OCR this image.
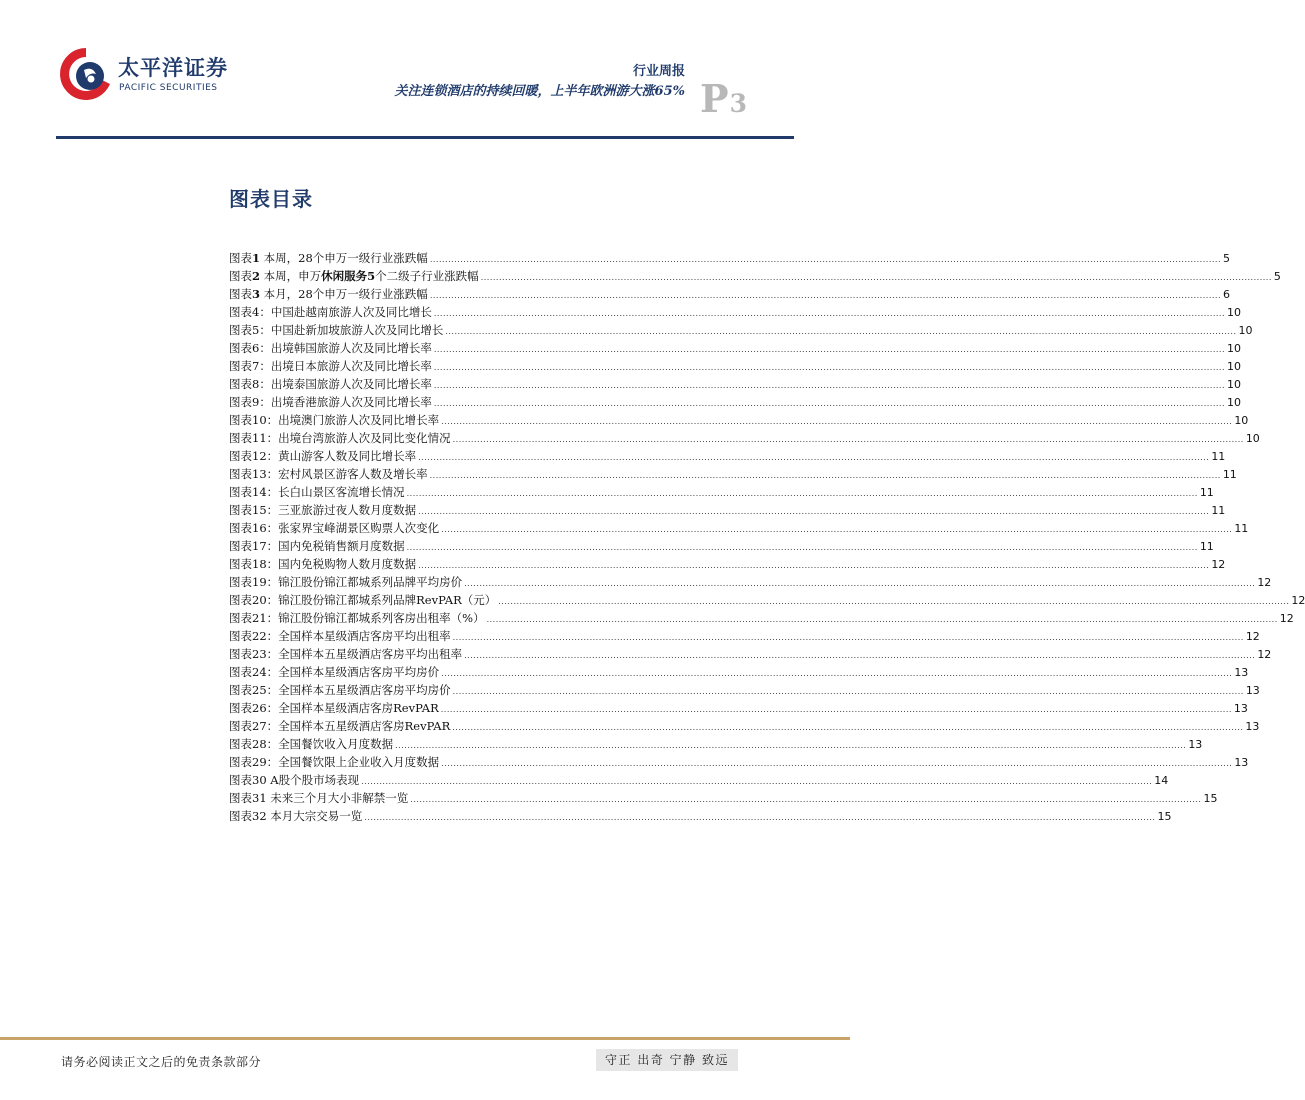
太平洋证券
PACIFIC SECURITIES
行业周报
关注连锁酒店的持续回暖，上半年欧洲游大涨65% P3
图表目录
图表1 本周，28个申万一级行业涨跌幅 .................................................................................................................................................................................................................................................................... 5
图表2 本周，申万休闲服务5个二级子行业涨跌幅 .................................................................................................................................................................................................................................................................... 5
图表3 本月，28个申万一级行业涨跌幅 .................................................................................................................................................................................................................................................................... 6
图表4：中国赴越南旅游人次及同比增长 .................................................................................................................................................................................................................................................................... 10
图表5：中国赴新加坡旅游人次及同比增长 .................................................................................................................................................................................................................................................................... 10
图表6：出境韩国旅游人次及同比增长率 .................................................................................................................................................................................................................................................................... 10
图表7：出境日本旅游人次及同比增长率 .................................................................................................................................................................................................................................................................... 10
图表8：出境泰国旅游人次及同比增长率 .................................................................................................................................................................................................................................................................... 10
图表9：出境香港旅游人次及同比增长率 .................................................................................................................................................................................................................................................................... 10
图表10：出境澳门旅游人次及同比增长率 .................................................................................................................................................................................................................................................................... 10
图表11：出境台湾旅游人次及同比变化情况 .................................................................................................................................................................................................................................................................... 10
图表12：黄山游客人数及同比增长率 .................................................................................................................................................................................................................................................................... 11
图表13：宏村风景区游客人数及增长率 .................................................................................................................................................................................................................................................................... 11
图表14：长白山景区客流增长情况 .................................................................................................................................................................................................................................................................... 11
图表15：三亚旅游过夜人数月度数据 .................................................................................................................................................................................................................................................................... 11
图表16：张家界宝峰湖景区购票人次变化 .................................................................................................................................................................................................................................................................... 11
图表17：国内免税销售额月度数据 .................................................................................................................................................................................................................................................................... 11
图表18：国内免税购物人数月度数据 .................................................................................................................................................................................................................................................................... 12
图表19：锦江股份锦江都城系列品牌平均房价 .................................................................................................................................................................................................................................................................... 12
图表20：锦江股份锦江都城系列品牌RevPAR（元） .................................................................................................................................................................................................................................................................... 12
图表21：锦江股份锦江都城系列客房出租率（%） .................................................................................................................................................................................................................................................................... 12
图表22：全国样本星级酒店客房平均出租率 .................................................................................................................................................................................................................................................................... 12
图表23：全国样本五星级酒店客房平均出租率 .................................................................................................................................................................................................................................................................... 12
图表24：全国样本星级酒店客房平均房价 .................................................................................................................................................................................................................................................................... 13
图表25：全国样本五星级酒店客房平均房价 .................................................................................................................................................................................................................................................................... 13
图表26：全国样本星级酒店客房RevPAR .................................................................................................................................................................................................................................................................... 13
图表27：全国样本五星级酒店客房RevPAR .................................................................................................................................................................................................................................................................... 13
图表28：全国餐饮收入月度数据 .................................................................................................................................................................................................................................................................... 13
图表29：全国餐饮限上企业收入月度数据 .................................................................................................................................................................................................................................................................... 13
图表30 A股个股市场表现 .................................................................................................................................................................................................................................................................... 14
图表31 未来三个月大小非解禁一览 .................................................................................................................................................................................................................................................................... 15
图表32 本月大宗交易一览 .................................................................................................................................................................................................................................................................... 15
请务必阅读正文之后的免责条款部分	守正 出奇 宁静 致远
